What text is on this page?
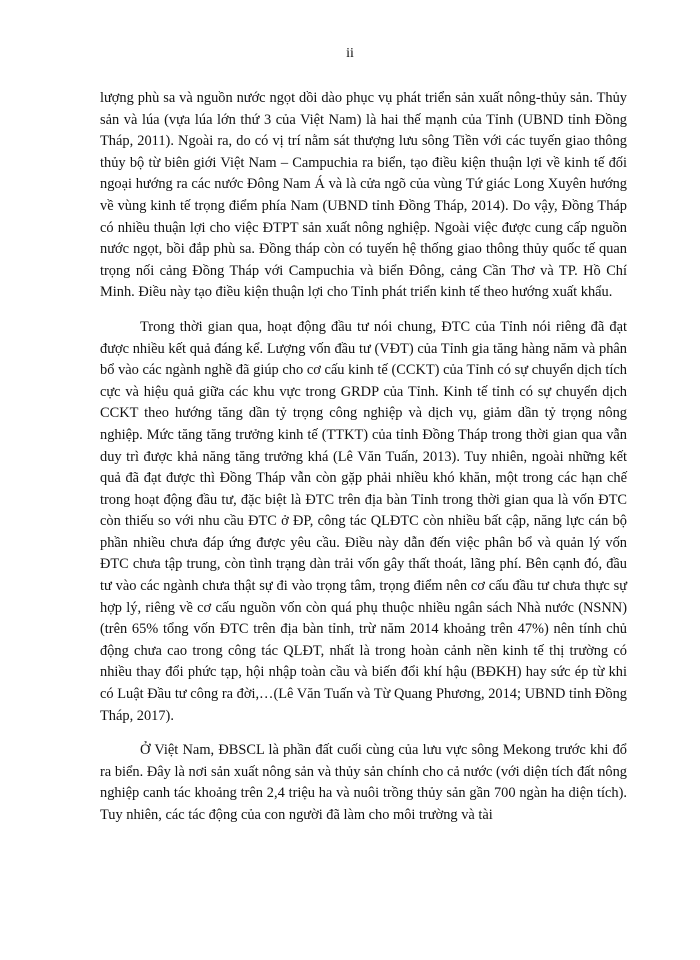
ii

lượng phù sa và nguồn nước ngọt dồi dào phục vụ phát triển sản xuất nông-thủy sản. Thủy sản và lúa (vựa lúa lớn thứ 3 của Việt Nam) là hai thế mạnh của Tỉnh (UBND tỉnh Đồng Tháp, 2011). Ngoài ra, do có vị trí nằm sát thượng lưu sông Tiền với các tuyến giao thông thủy bộ từ biên giới Việt Nam – Campuchia ra biển, tạo điều kiện thuận lợi về kinh tế đối ngoại hướng ra các nước Đông Nam Á và là cửa ngõ của vùng Tứ giác Long Xuyên hướng về vùng kinh tế trọng điểm phía Nam (UBND tỉnh Đồng Tháp, 2014). Do vậy, Đồng Tháp có nhiều thuận lợi cho việc ĐTPT sản xuất nông nghiệp. Ngoài việc được cung cấp nguồn nước ngọt, bồi đắp phù sa. Đồng tháp còn có tuyến hệ thống giao thông thủy quốc tế quan trọng nối cảng Đồng Tháp với Campuchia và biển Đông, cảng Cần Thơ và TP. Hồ Chí Minh. Điều này tạo điều kiện thuận lợi cho Tỉnh phát triển kinh tế theo hướng xuất khẩu.

Trong thời gian qua, hoạt động đầu tư nói chung, ĐTC của Tỉnh nói riêng đã đạt được nhiều kết quả đáng kể. Lượng vốn đầu tư (VĐT) của Tỉnh gia tăng hàng năm và phân bổ vào các ngành nghề đã giúp cho cơ cấu kinh tế (CCKT) của Tỉnh có sự chuyển dịch tích cực và hiệu quả giữa các khu vực trong GRDP của Tỉnh. Kinh tế tỉnh có sự chuyển dịch CCKT theo hướng tăng dần tỷ trọng công nghiệp và dịch vụ, giảm dần tỷ trọng nông nghiệp. Mức tăng tăng trưởng kinh tế (TTKT) của tỉnh Đồng Tháp trong thời gian qua vẫn duy trì được khả năng tăng trưởng khá (Lê Văn Tuấn, 2013). Tuy nhiên, ngoài những kết quả đã đạt được thì Đồng Tháp vẫn còn gặp phải nhiều khó khăn, một trong các hạn chế trong hoạt động đầu tư, đặc biệt là ĐTC trên địa bàn Tỉnh trong thời gian qua là vốn ĐTC còn thiếu so với nhu cầu ĐTC ở ĐP, công tác QLĐTC còn nhiều bất cập, năng lực cán bộ phần nhiều chưa đáp ứng được yêu cầu. Điều này dẫn đến việc phân bổ và quản lý vốn ĐTC chưa tập trung, còn tình trạng dàn trải vốn gây thất thoát, lãng phí. Bên cạnh đó, đầu tư vào các ngành chưa thật sự đi vào trọng tâm, trọng điểm nên cơ cấu đầu tư chưa thực sự hợp lý, riêng về cơ cấu nguồn vốn còn quá phụ thuộc nhiều ngân sách Nhà nước (NSNN) (trên 65% tổng vốn ĐTC trên địa bàn tỉnh, trừ năm 2014 khoảng trên 47%) nên tính chủ động chưa cao trong công tác QLĐT, nhất là trong hoàn cảnh nền kinh tế thị trường có nhiều thay đổi phức tạp, hội nhập toàn cầu và biến đổi khí hậu (BĐKH) hay sức ép từ khi có Luật Đầu tư công ra đời,…(Lê Văn Tuấn và Từ Quang Phương, 2014; UBND tỉnh Đồng Tháp, 2017).

Ở Việt Nam, ĐBSCL là phần đất cuối cùng của lưu vực sông Mekong trước khi đổ ra biển. Đây là nơi sản xuất nông sản và thủy sản chính cho cả nước (với diện tích đất nông nghiệp canh tác khoảng trên 2,4 triệu ha và nuôi trồng thủy sản gần 700 ngàn ha diện tích). Tuy nhiên, các tác động của con người đã làm cho môi trường và tài
